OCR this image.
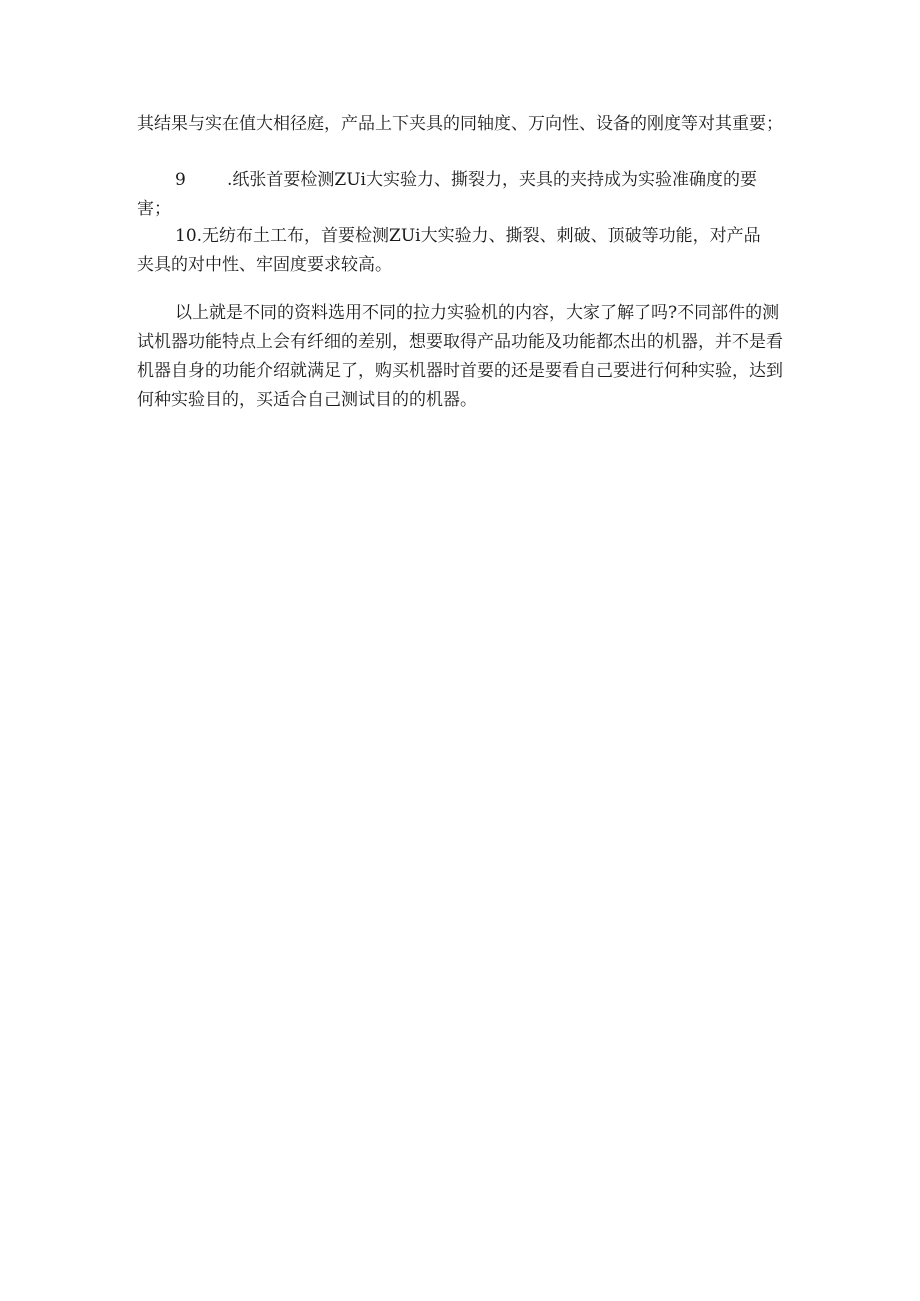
其结果与实在值大相径庭，产品上下夹具的同轴度、万向性、设备的刚度等对其重要；

9 .纸张首要检测ZUi大实验力、撕裂力，夹具的夹持成为实验准确度的要害；

10.无纺布土工布，首要检测ZUi大实验力、撕裂、刺破、顶破等功能，对产品
夹具的对中性、牢固度要求较高。

以上就是不同的资料选用不同的拉力实验机的内容，大家了解了吗?不同部件的测
试机器功能特点上会有纤细的差别，想要取得产品功能及功能都杰出的机器，并不是看
机器自身的功能介绍就满足了，购买机器时首要的还是要看自己要进行何种实验，达到
何种实验目的，买适合自己测试目的的机器。
